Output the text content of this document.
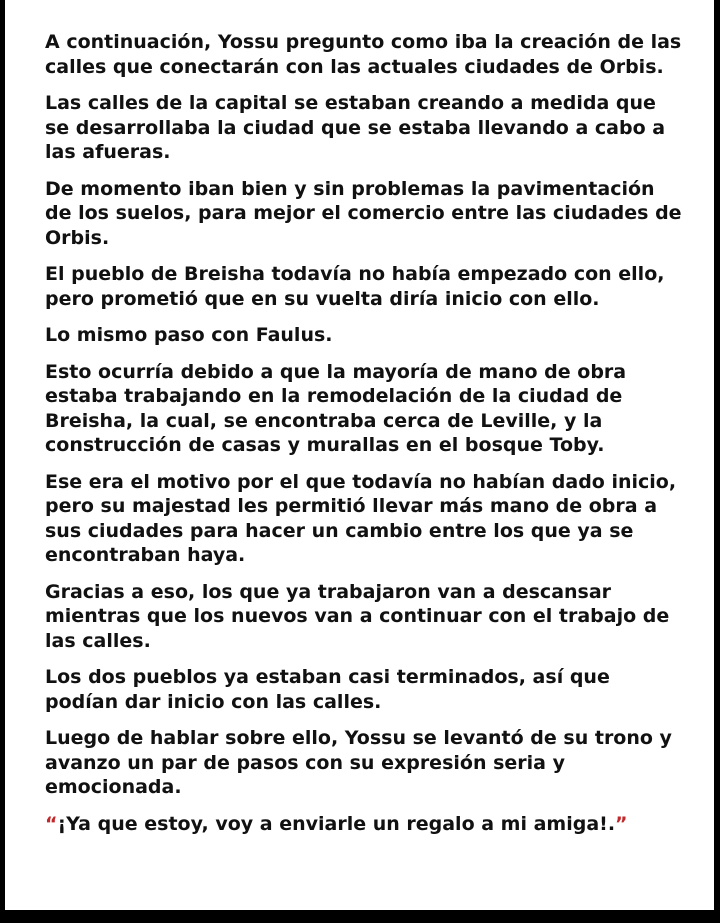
A continuación, Yossu pregunto como iba la creación de las calles que conectarán con las actuales ciudades de Orbis.

Las calles de la capital se estaban creando a medida que se desarrollaba la ciudad que se estaba llevando a cabo a las afueras.

De momento iban bien y sin problemas la pavimentación de los suelos, para mejor el comercio entre las ciudades de Orbis.

El pueblo de Breisha todavía no había empezado con ello, pero prometió que en su vuelta diría inicio con ello.

Lo mismo paso con Faulus.

Esto ocurría debido a que la mayoría de mano de obra estaba trabajando en la remodelación de la ciudad de Breisha, la cual, se encontraba cerca de Leville, y la construcción de casas y murallas en el bosque Toby.

Ese era el motivo por el que todavía no habían dado inicio, pero su majestad les permitió llevar más mano de obra a sus ciudades para hacer un cambio entre los que ya se encontraban haya.

Gracias a eso, los que ya trabajaron van a descansar mientras que los nuevos van a continuar con el trabajo de las calles.

Los dos pueblos ya estaban casi terminados, así que podían dar inicio con las calles.

Luego de hablar sobre ello, Yossu se levantó de su trono y avanzo un par de pasos con su expresión seria y emocionada.

“¡Ya que estoy, voy a enviarle un regalo a mi amiga!.”
